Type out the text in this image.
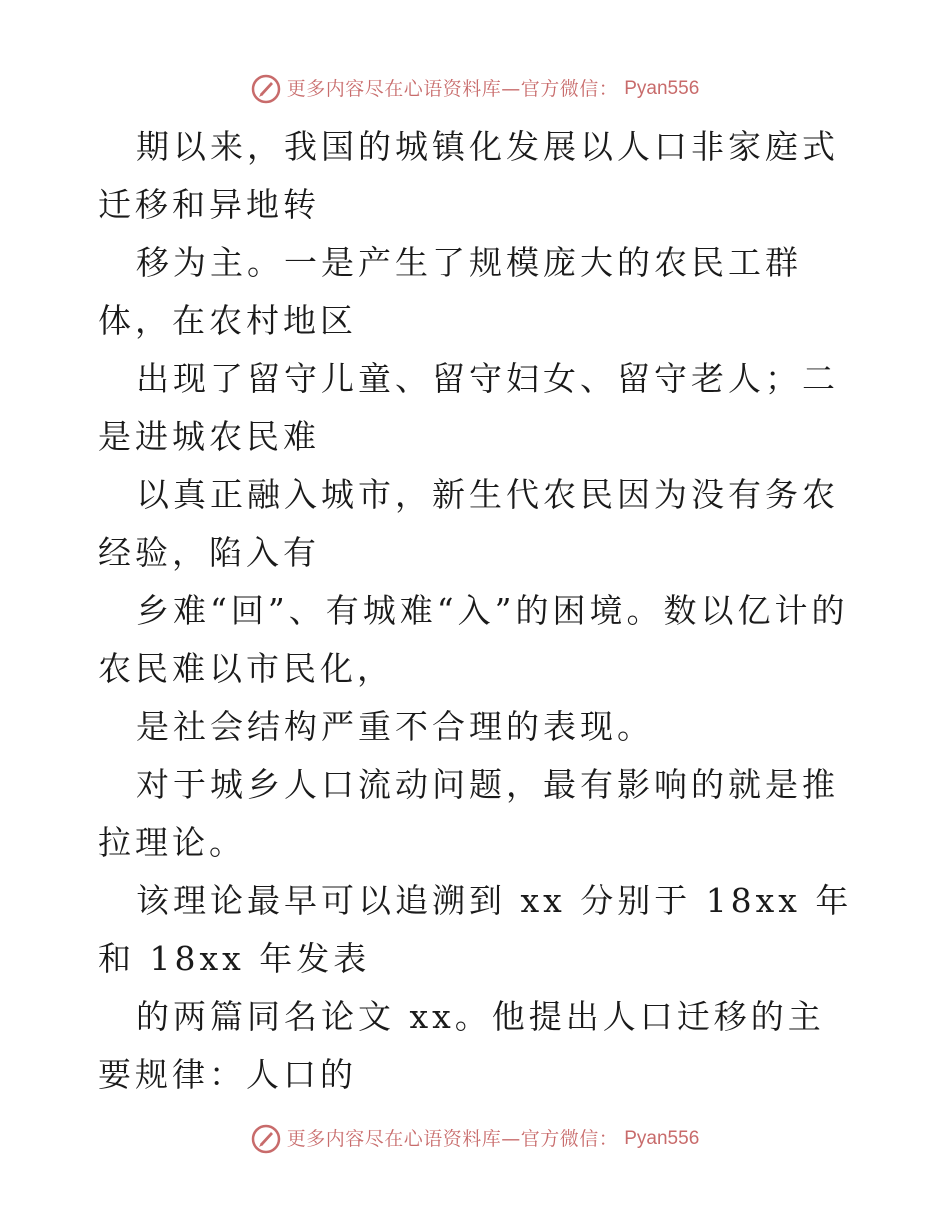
更多内容尽在心语资料库—官方微信： Pyan556

期以来，我国的城镇化发展以人口非家庭式迁移和异地转

移为主。一是产生了规模庞大的农民工群体，在农村地区

出现了留守儿童、留守妇女、留守老人；二是进城农民难

以真正融入城市，新生代农民因为没有务农经验，陷入有

乡难“回”、有城难“入”的困境。数以亿计的农民难以市民化，

是社会结构严重不合理的表现。

对于城乡人口流动问题，最有影响的就是推拉理论。

该理论最早可以追溯到 xx 分别于 18xx 年和 18xx 年发表

的两篇同名论文 xx。他提出人口迁移的主要规律：人口的

更多内容尽在心语资料库—官方微信： Pyan556
